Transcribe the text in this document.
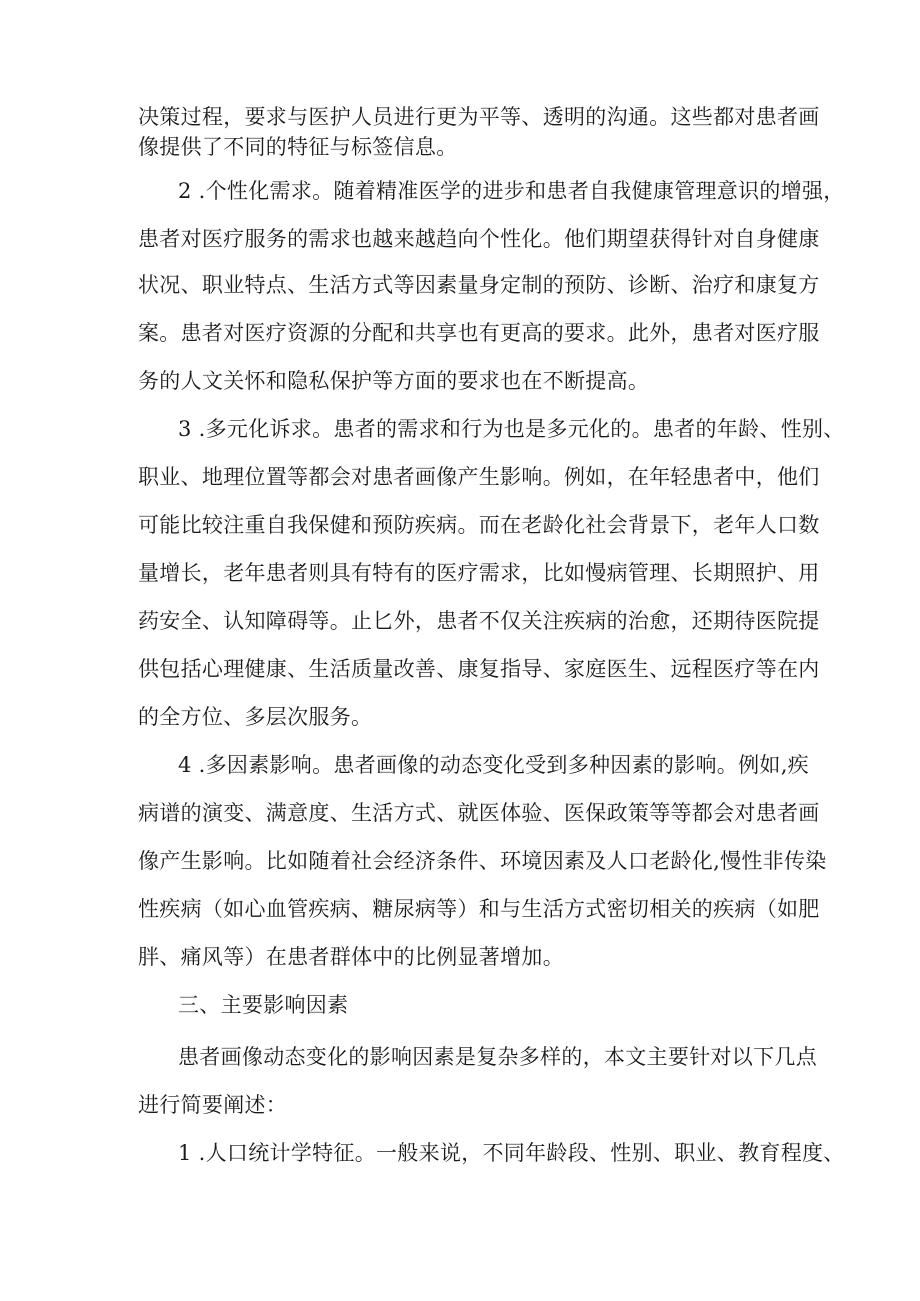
决策过程，要求与医护人员进行更为平等、透明的沟通。这些都对患者画
像提供了不同的特征与标签信息。
2 .个性化需求。随着精准医学的进步和患者自我健康管理意识的增强，
患者对医疗服务的需求也越来越趋向个性化。他们期望获得针对自身健康
状况、职业特点、生活方式等因素量身定制的预防、诊断、治疗和康复方
案。患者对医疗资源的分配和共享也有更高的要求。此外，患者对医疗服
务的人文关怀和隐私保护等方面的要求也在不断提高。
3 .多元化诉求。患者的需求和行为也是多元化的。患者的年龄、性别、
职业、地理位置等都会对患者画像产生影响。例如，在年轻患者中，他们
可能比较注重自我保健和预防疾病。而在老龄化社会背景下，老年人口数
量增长，老年患者则具有特有的医疗需求，比如慢病管理、长期照护、用
药安全、认知障碍等。止匕外，患者不仅关注疾病的治愈，还期待医院提
供包括心理健康、生活质量改善、康复指导、家庭医生、远程医疗等在内
的全方位、多层次服务。
4 .多因素影响。患者画像的动态变化受到多种因素的影响。例如,疾
病谱的演变、满意度、生活方式、就医体验、医保政策等等都会对患者画
像产生影响。比如随着社会经济条件、环境因素及人口老龄化,慢性非传染
性疾病（如心血管疾病、糖尿病等）和与生活方式密切相关的疾病（如肥
胖、痛风等）在患者群体中的比例显著增加。
三、主要影响因素
患者画像动态变化的影响因素是复杂多样的，本文主要针对以下几点
进行简要阐述：
1 .人口统计学特征。一般来说，不同年龄段、性别、职业、教育程度、
